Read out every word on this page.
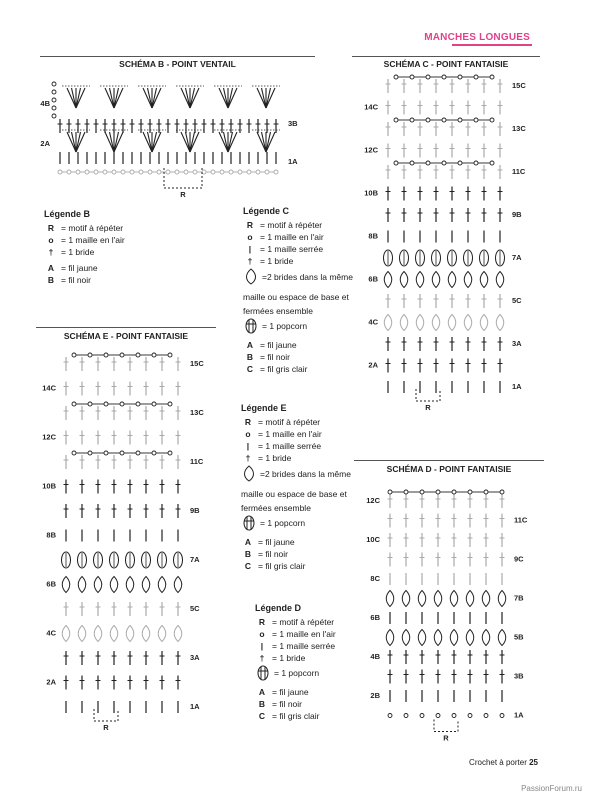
MANCHES LONGUES
SCHÉMA B - POINT VENTAIL
4B
2A
3B
1A
R
SCHÉMA C - POINT FANTAISIE
14C
12C
10B
8B
6B
4C
2A
15C
13C
11C
9B
7A
5C
3A
1A
R
Légende B
R = motif à répéter
o = 1 maille en l'air
† = 1 bride
A = fil jaune
B = fil noir
Légende C
R = motif à répéter
o = 1 maille en l'air
|	= 1 maille serrée
† = 1 bride
=2 brides dans la même
maille ou espace de base et
fermées ensemble
= 1 popcorn
A = fil jaune
B = fil noir
C = fil gris clair
SCHÉMA E - POINT FANTAISIE
14C
12C
10B
8B
6B
4C
2A
15C
13C
11C
9B
7A
5C
3A
1A
R
Légende E
R = motif à répéter
o = 1 maille en l'air
|	= 1 maille serrée
† = 1 bride
=2 brides dans la même
maille ou espace de base et
fermées ensemble
= 1 popcorn
A = fil jaune
B = fil noir
C = fil gris clair
SCHÉMA D - POINT FANTAISIE
12C
10C
8C
6B
4B
2B
11C
9C
7B
5B
3B
1A
R
Légende D
R = motif à répéter
o = 1 maille en l'air
|	= 1 maille serrée
† = 1 bride
= 1 popcorn
A = fil jaune
B = fil noir
C = fil gris clair
Crochet à porter 25
PassionForum.ru
